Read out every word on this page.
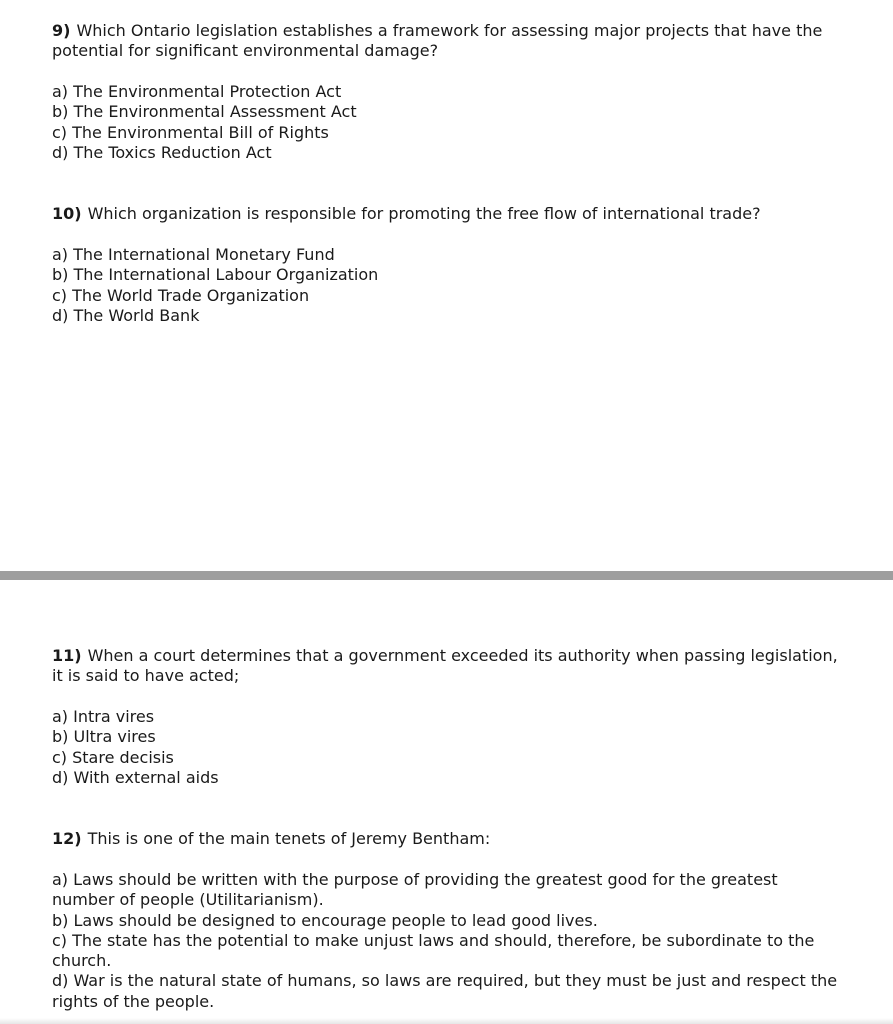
9) Which Ontario legislation establishes a framework for assessing major projects that have the potential for significant environmental damage?

a) The Environmental Protection Act
b) The Environmental Assessment Act
c) The Environmental Bill of Rights
d) The Toxics Reduction Act

10) Which organization is responsible for promoting the free flow of international trade?

a) The International Monetary Fund
b) The International Labour Organization
c) The World Trade Organization
d) The World Bank

11) When a court determines that a government exceeded its authority when passing legislation, it is said to have acted;

a) Intra vires
b) Ultra vires
c) Stare decisis
d) With external aids

12) This is one of the main tenets of Jeremy Bentham:

a) Laws should be written with the purpose of providing the greatest good for the greatest number of people (Utilitarianism).
b) Laws should be designed to encourage people to lead good lives.
c) The state has the potential to make unjust laws and should, therefore, be subordinate to the church.
d) War is the natural state of humans, so laws are required, but they must be just and respect the rights of the people.
